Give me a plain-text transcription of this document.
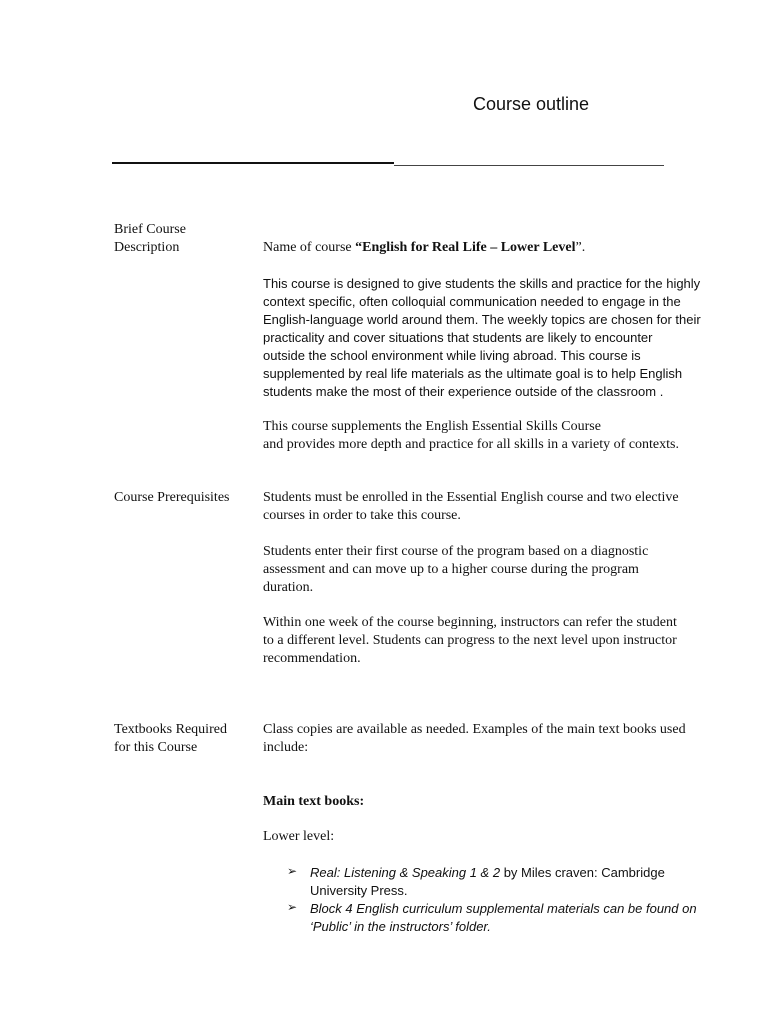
Course outline
Brief Course
Description	Name of course “English for Real Life – Lower Level”.
This course is designed to give students the skills and practice for the highly
context specific, often colloquial communication needed to engage in the
English-language world around them. The weekly topics are chosen for their
practicality and cover situations that students are likely to encounter
outside the school environment while living abroad. This course is
supplemented by real life materials as the ultimate goal is to help English
students make the most of their experience outside of the classroom .
This course supplements the English Essential Skills Course
and provides more depth and practice for all skills in a variety of contexts.
Course Prerequisites	Students must be enrolled in the Essential English course and two elective
courses in order to take this course.
Students enter their first course of the program based on a diagnostic
assessment and can move up to a higher course during the program
duration.
Within one week of the course beginning, instructors can refer the student
to a different level. Students can progress to the next level upon instructor
recommendation.
Textbooks Required
for this Course
Class copies are available as needed. Examples of the main text books used
include:
Main text books:
Lower level:
➢ Real: Listening & Speaking 1 & 2 by Miles craven: Cambridge
University Press.
➢ Block 4 English curriculum supplemental materials can be found on
‘Public’ in the instructors’ folder.
